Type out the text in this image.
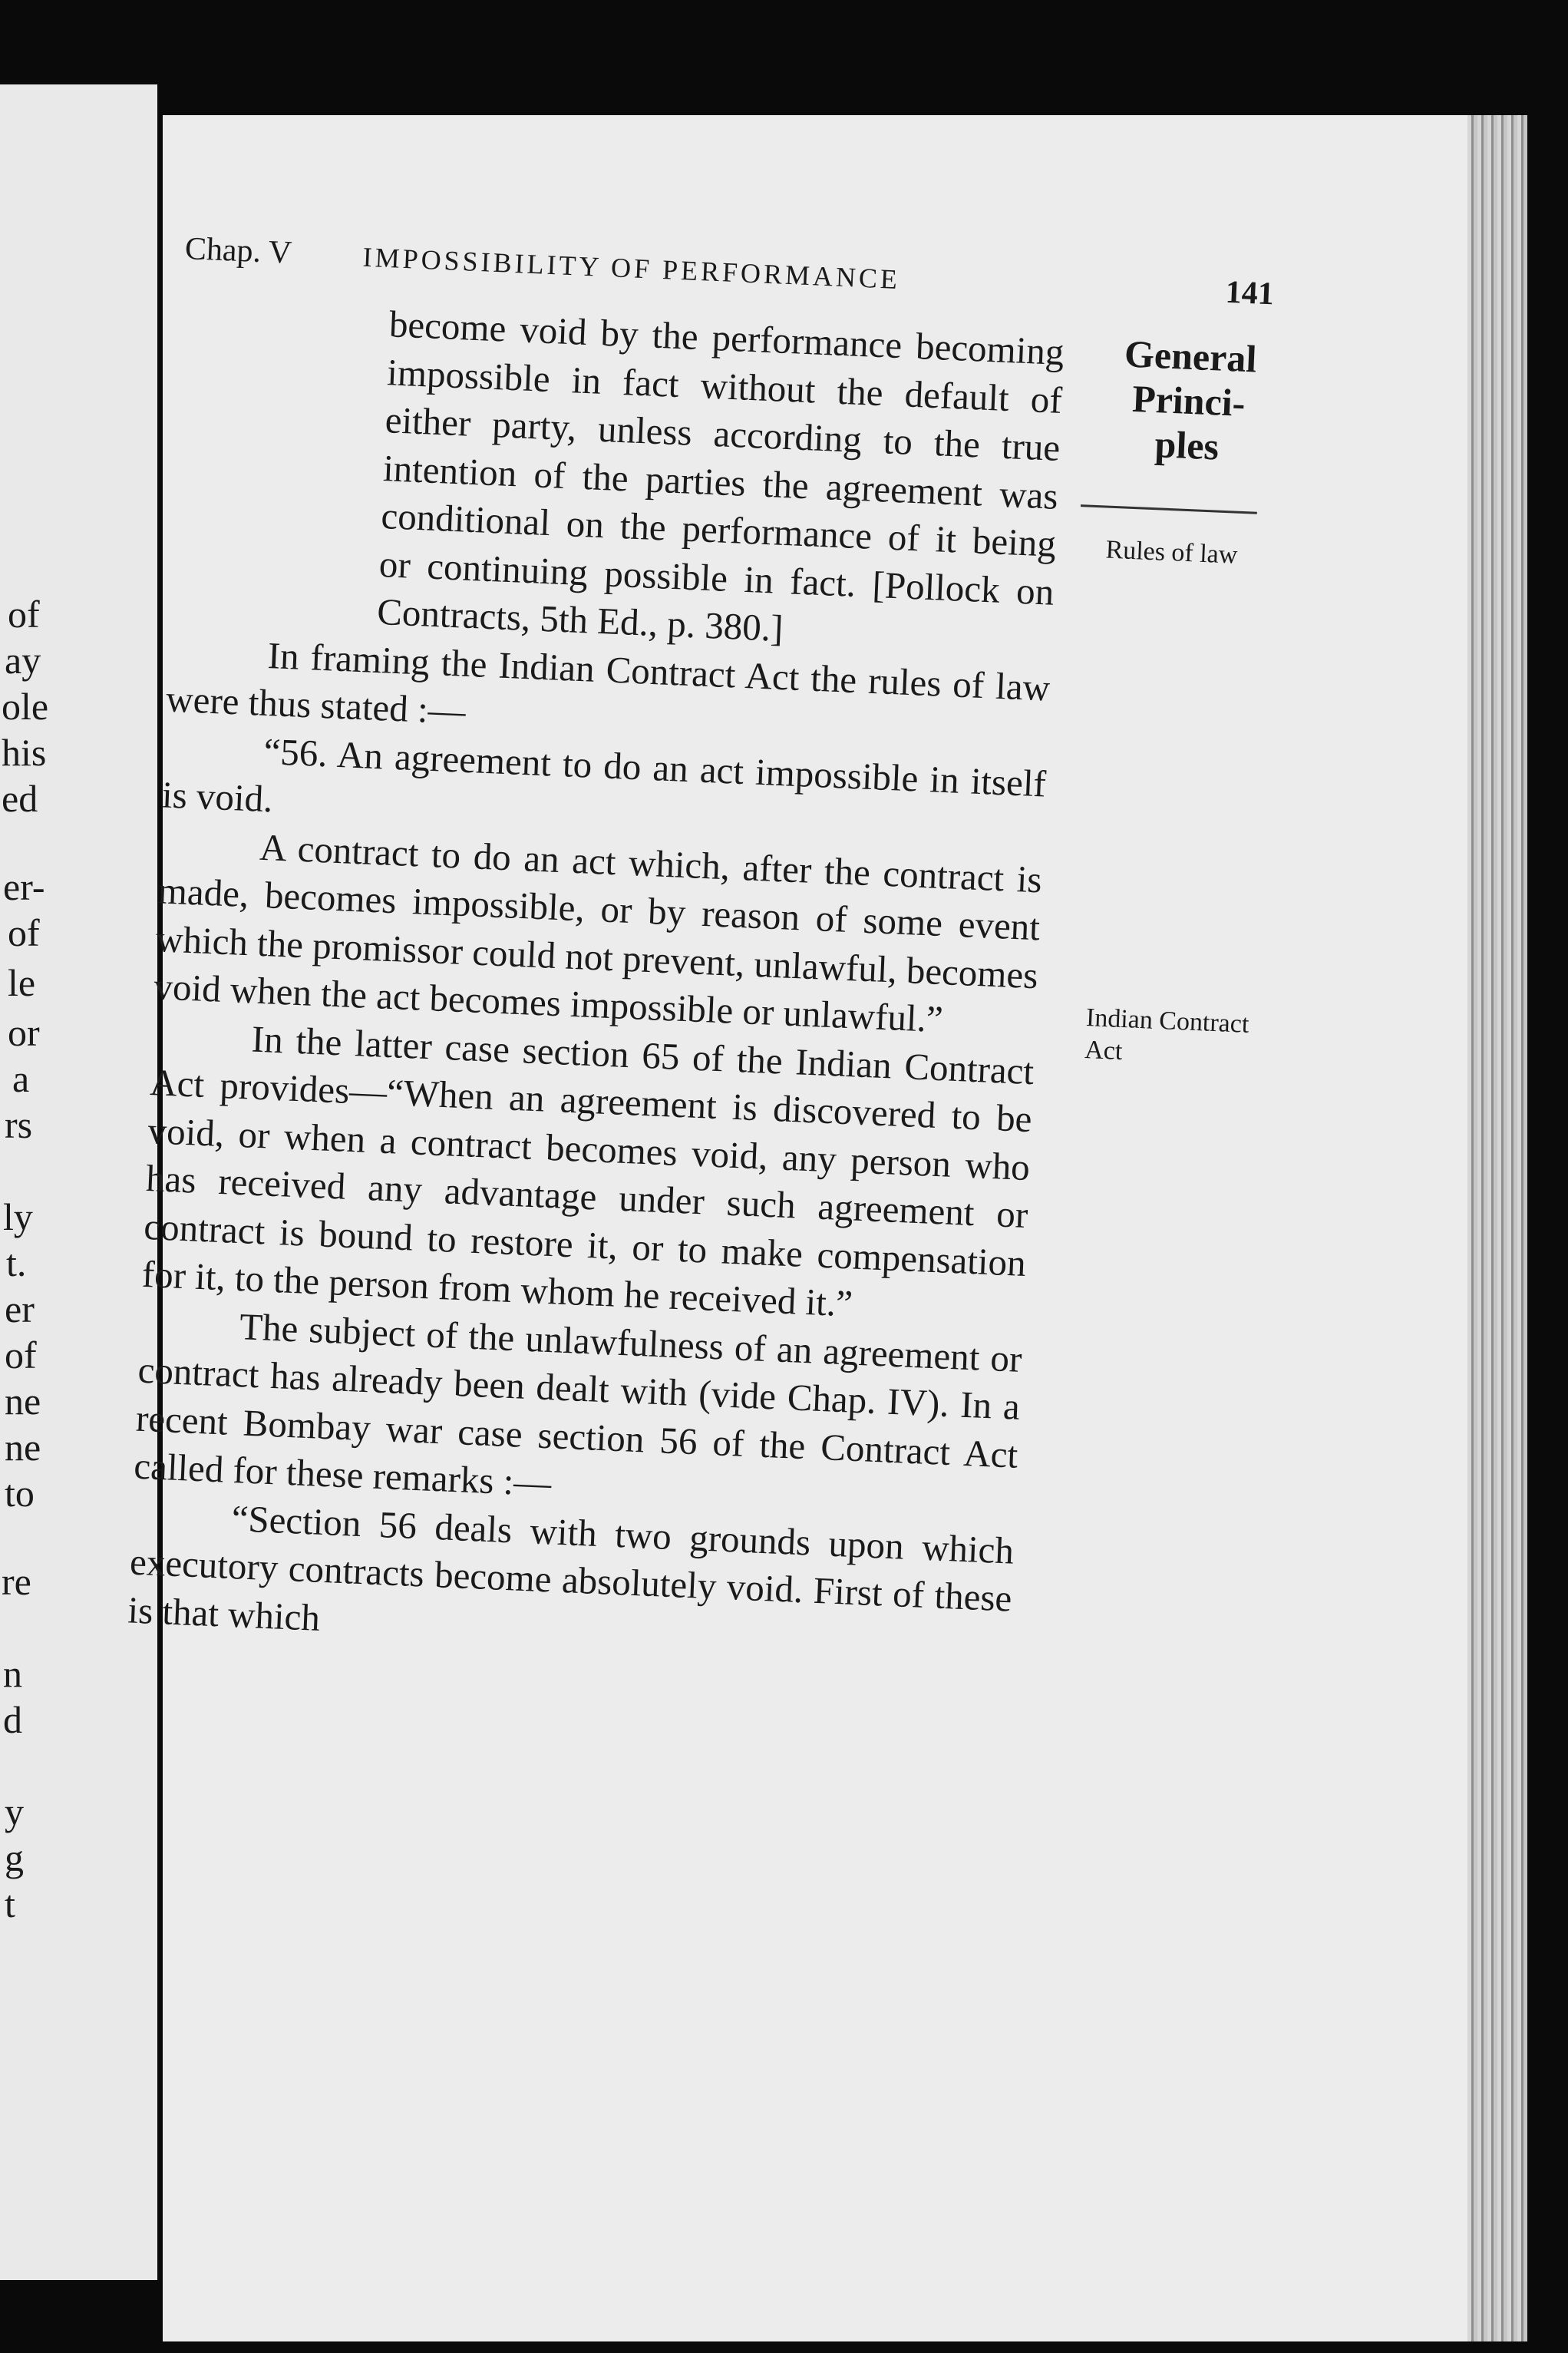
of
ay
ole
his
ed
er-
of
le
or
a
rs
ly
t.
er
of
ne
ne
to
re
n
d
y
g
t
Chap. V	IMPOSSIBILITY OF PERFORMANCE	141
General Princi- ples
Rules of law
Indian Contract Act

become void by the performance becoming impossible in fact without the default of either party, unless according to the true intention of the parties the agreement was conditional on the performance of it being or continuing possible in fact. [Pollock on Contracts, 5th Ed., p. 380.]

In framing the Indian Contract Act the rules of law were thus stated :—

“56. An agreement to do an act impossible in itself is void.

A contract to do an act which, after the contract is made, becomes impossible, or by reason of some event which the promissor could not prevent, unlawful, becomes void when the act becomes impossible or unlawful.”

In the latter case section 65 of the Indian Contract Act provides—“When an agreement is discovered to be void, or when a contract becomes void, any person who has received any advantage under such agreement or contract is bound to restore it, or to make compensation for it, to the person from whom he received it.”

The subject of the unlawfulness of an agreement or contract has already been dealt with (vide Chap. IV). In a recent Bombay war case section 56 of the Contract Act called for these remarks :—

“Section 56 deals with two grounds upon which executory contracts become absolutely void. First of these is that which
